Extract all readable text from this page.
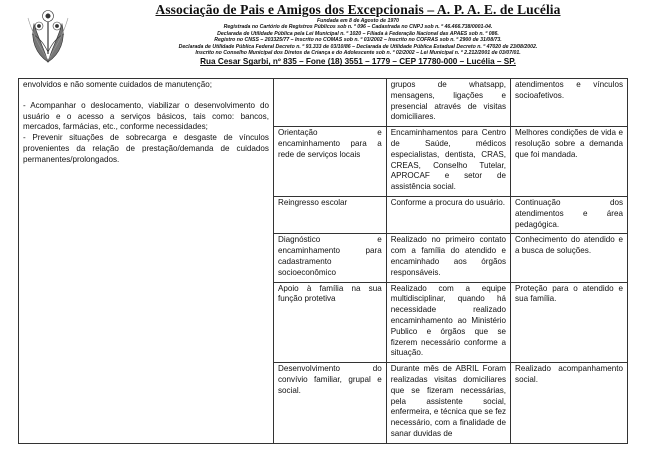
Associação de Pais e Amigos dos Excepcionais – A. P. A. E. de Lucélia
Fundada em 8 de Agosto de 1970
Registrada no Cartório de Registros Públicos sob n. º 096 – Cadastrada no CNPJ sob n. º 46.466.738/0001-04.
Declarada de Utilidade Pública pela Lei Municipal n. º 1020 – Filiada à Federação Nacional das APAES sob n. º 086.
Registro no CNSS – 203325/77 – Inscrito no COMAS sob n. º 03/2002 – Inscrito no COFRAS sob n. º 2900 de 31/08/73.
Declarada de Utilidade Pública Federal Decreto n. º 93.333 de 03/10/86 – Declarada de Utilidade Pública Estadual Decreto n. º 47020 de 23/08/2002.
Inscrito no Conselho Municipal dos Diretos da Criança e do Adolescente sob n. º 02/2002 – Lei Municipal n. º 2.212/2001 de 03/07/01.
Rua Cesar Sgarbi, nº 835 – Fone (18) 3551 – 1779 – CEP 17780-000 – Lucélia – SP.

envolvidos e não somente cuidados de manutenção;

- Acompanhar o deslocamento, viabilizar o desenvolvimento do usuário e o acesso a serviços básicos, tais como: bancos, mercados, farmácias, etc., conforme necessidades;

- Prevenir situações de sobrecarga e desgaste de vínculos provenientes da relação de prestação/demanda de cuidados permanentes/prolongados.		grupos de whatsapp, mensagens, ligações e presencial através de visitas domiciliares.	atendimentos e vínculos socioafetivos.
	Orientação e encaminhamento para a rede de serviços locais	Encaminhamentos para Centro de Saúde, médicos especialistas, dentista, CRAS, CREAS, Conselho Tutelar, APROCAF e setor de assistência social.	Melhores condições de vida e resolução sobre a demanda que foi mandada.
	Reingresso escolar	Conforme a procura do usuário.	Continuação dos atendimentos e área pedagógica.
	Diagnóstico e encaminhamento para cadastramento socioeconômico	Realizado no primeiro contato com a família do atendido e encaminhado aos órgãos responsáveis.	Conhecimento do atendido e a busca de soluções.
	Apoio à família na sua função protetiva	Realizado com a equipe multidisciplinar, quando há necessidade realizado encaminhamento ao Ministério Publico e órgãos que se fizerem necessário conforme a situação.	Proteção para o atendido e sua família.
	Desenvolvimento do convívio familiar, grupal e social.	Durante mês de ABRIL Foram realizadas visitas domiciliares que se fizeram necessárias, pela assistente social, enfermeira, e técnica que se fez necessário, com a finalidade de sanar duvidas de	Realizado acompanhamento social.
